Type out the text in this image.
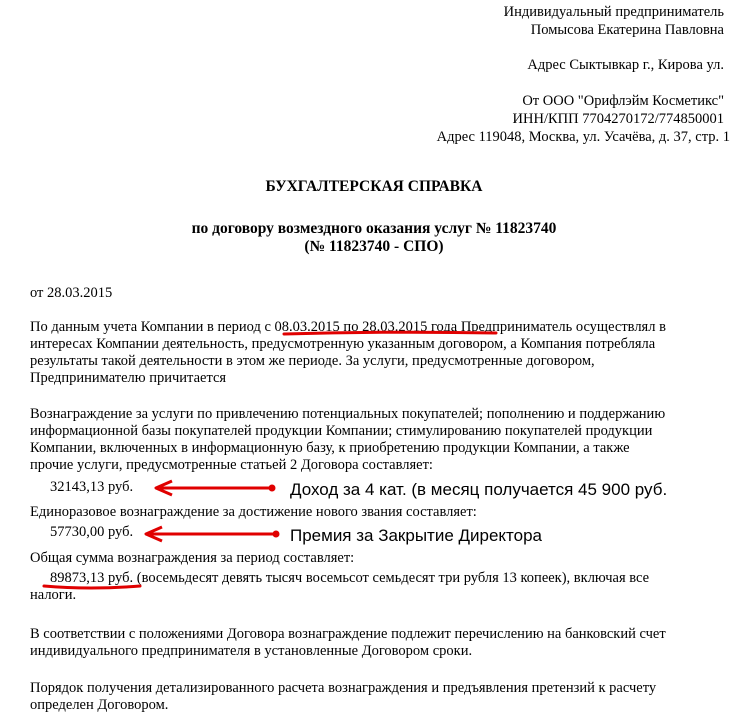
Индивидуальный предприниматель
Помысова Екатерина Павловна
Адрес Сыктывкар г., Кирова ул.
От ООО "Орифлэйм Косметикс"
ИНН/КПП 7704270172/774850001
Адрес 119048, Москва, ул. Усачёва, д. 37, стр. 1
БУХГАЛТЕРСКАЯ СПРАВКА
по договору возмездного оказания услуг № 11823740
(№ 11823740 - СПО)
от 28.03.2015
По данным учета Компании в период с 08.03.2015 по 28.03.2015 года Предприниматель осуществлял в
интересах Компании деятельность, предусмотренную указанным договором, а Компания потребляла
результаты такой деятельности в этом же периоде. За услуги, предусмотренные договором,
Предпринимателю причитается
Вознаграждение за услуги по привлечению потенциальных покупателей; пополнению и поддержанию
информационной базы покупателей продукции Компании; стимулированию покупателей продукции
Компании, включенных в информационную базу, к приобретению продукции Компании, а также
прочие услуги, предусмотренные статьей 2 Договора составляет:
32143,13 руб.
Единоразовое вознаграждение за достижение нового звания составляет:
57730,00 руб.
Общая сумма вознаграждения за период составляет:
89873,13 руб. (восемьдесят девять тысяч восемьсот семьдесят три рубля 13 копеек), включая все
налоги.
В соответствии с положениями Договора вознаграждение подлежит перечислению на банковский счет
индивидуального предпринимателя в установленные Договором сроки.
Порядок получения детализированного расчета вознаграждения и предъявления претензий к расчету
определен Договором.
Доход за 4 кат. (в месяц получается 45 900 руб.
Премия за Закрытие Директора
